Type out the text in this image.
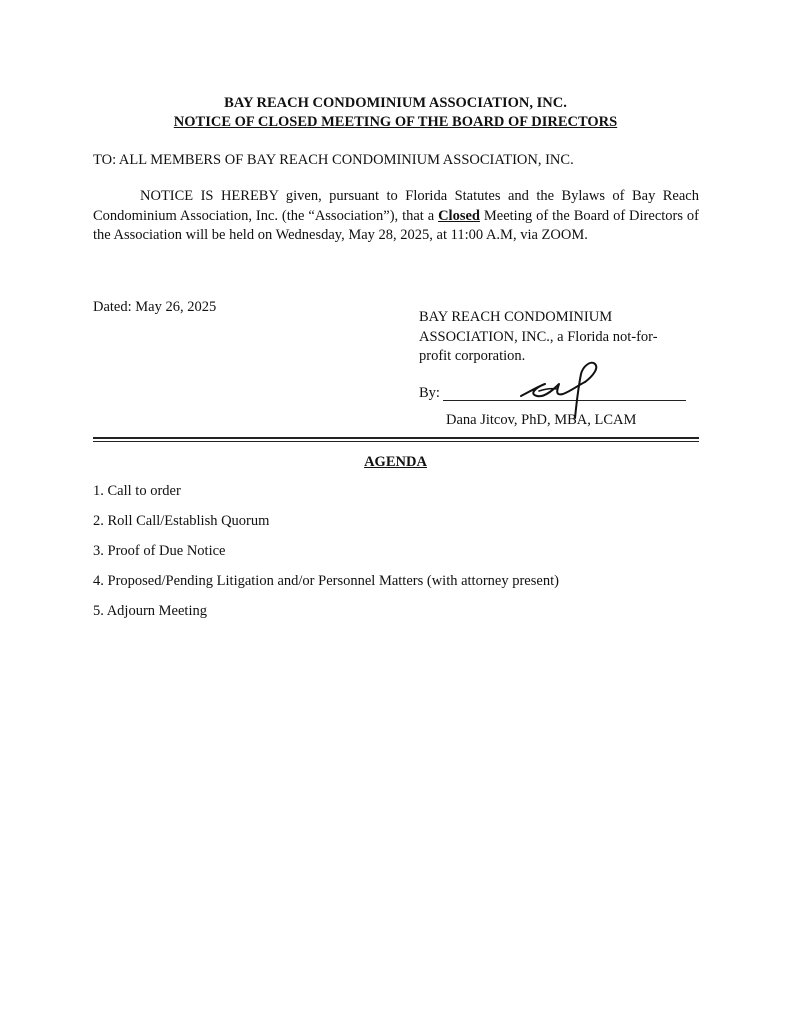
BAY REACH CONDOMINIUM ASSOCIATION, INC.
NOTICE OF CLOSED MEETING OF THE BOARD OF DIRECTORS
TO: ALL MEMBERS OF BAY REACH CONDOMINIUM ASSOCIATION, INC.

NOTICE IS HEREBY given, pursuant to Florida Statutes and the Bylaws of Bay Reach Condominium Association, Inc. (the “Association”), that a Closed Meeting of the Board of Directors of the Association will be held on Wednesday, May 28, 2025, at 11:00 A.M, via ZOOM.

Dated: May 26, 2025
BAY REACH CONDOMINIUM
ASSOCIATION, INC., a Florida not-for-
profit corporation.
By:
Dana Jitcov, PhD, MBA, LCAM
AGENDA
1. Call to order
2. Roll Call/Establish Quorum
3. Proof of Due Notice
4. Proposed/Pending Litigation and/or Personnel Matters (with attorney present)
5. Adjourn Meeting
